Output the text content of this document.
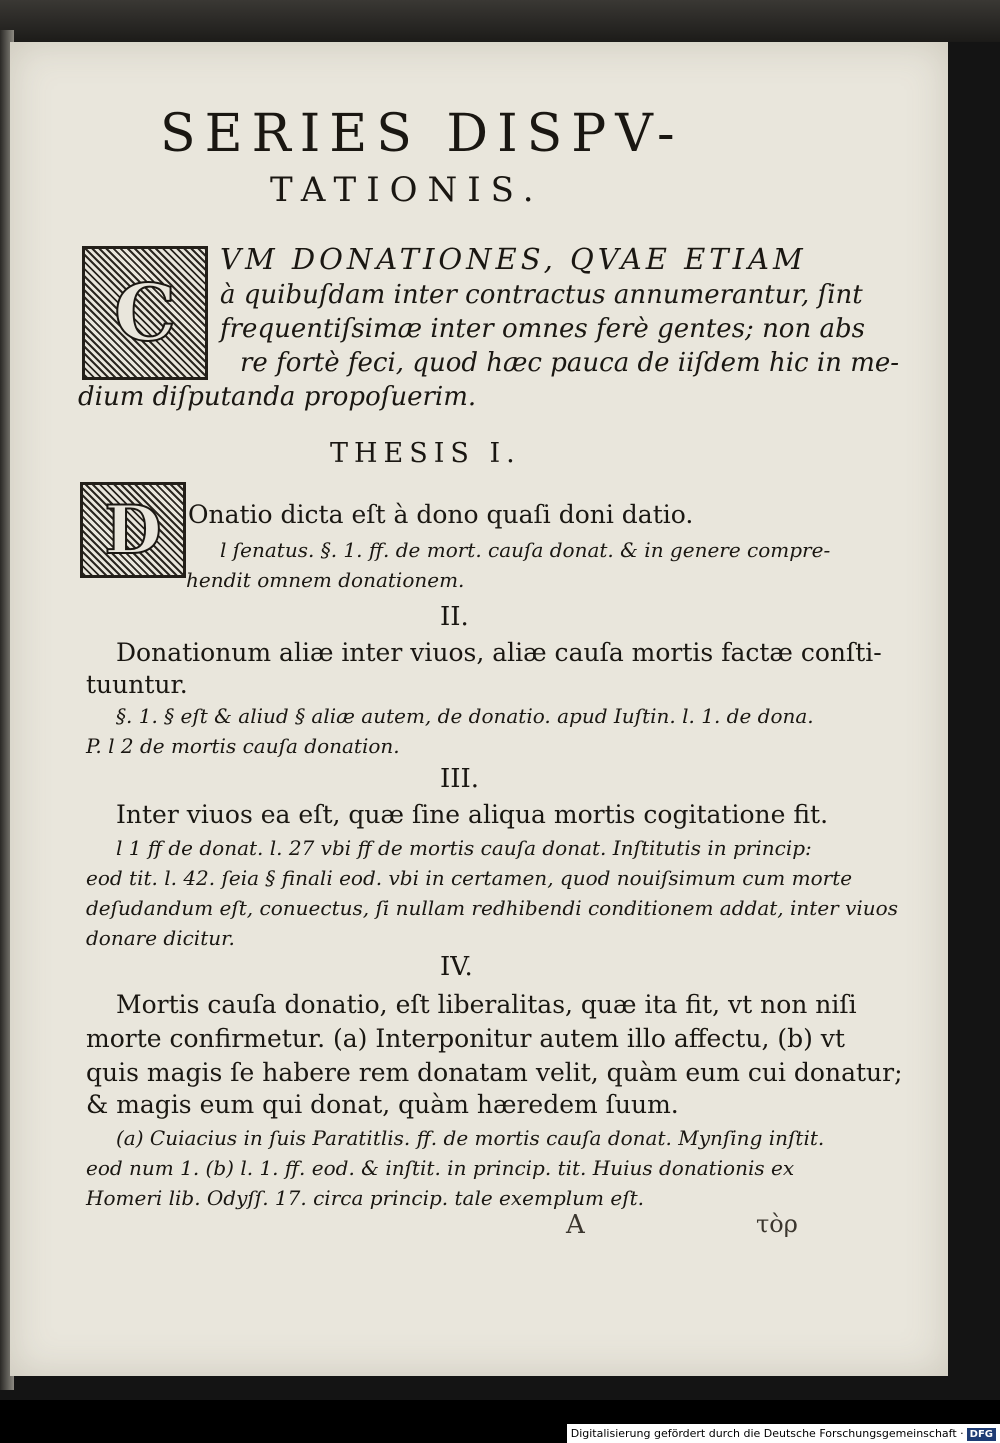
SERIES DISPV-
TATIONIS.
C
VM DONATIONES, QVAE ETIAM
à quibuſdam inter contractus annumerantur, ſint
frequentiſsimæ inter omnes ferè gentes; non abs
re fortè feci, quod hæc pauca de iiſdem hic in me-
dium diſputanda propoſuerim.
THESIS I.
D Onatio dicta eſt à dono quaſi doni datio.
l ſenatus. §. 1. ff. de mort. cauſa donat. & in genere compre-
hendit omnem donationem.
II.
Donationum aliæ inter viuos, aliæ cauſa mortis factæ conſti-
tuuntur.
§. 1. § eſt & aliud § aliæ autem, de donatio. apud Iuſtin. l. 1. de dona.
P. l 2 de mortis cauſa donation.
III.
Inter viuos ea eſt, quæ ſine aliqua mortis cogitatione fit.
l 1 ff de donat. l. 27 vbi ff de mortis cauſa donat. Inſtitutis in princip:
eod tit. l. 42. ſeia § finali eod. vbi in certamen, quod nouiſsimum cum morte
deſudandum eſt, conuectus, ſi nullam redhibendi conditionem addat, inter viuos
donare dicitur.
IV.
Mortis cauſa donatio, eſt liberalitas, quæ ita fit, vt non niſi
morte confirmetur. (a) Interponitur autem illo affectu, (b) vt
quis magis ſe habere rem donatam velit, quàm eum cui donatur;
& magis eum qui donat, quàm hæredem ſuum.
(a) Cuiacius in ſuis Paratitlis. ff. de mortis cauſa donat. Mynſing inſtit.
eod num 1. (b) l. 1. ff. eod. & inſtit. in princip. tit. Huius donationis ex
Homeri lib. Odyſſ. 17. circa princip. tale exemplum eſt.
A	τὸρ
Digitalisierung gefördert durch die Deutsche Forschungsgemeinschaft · DFG
